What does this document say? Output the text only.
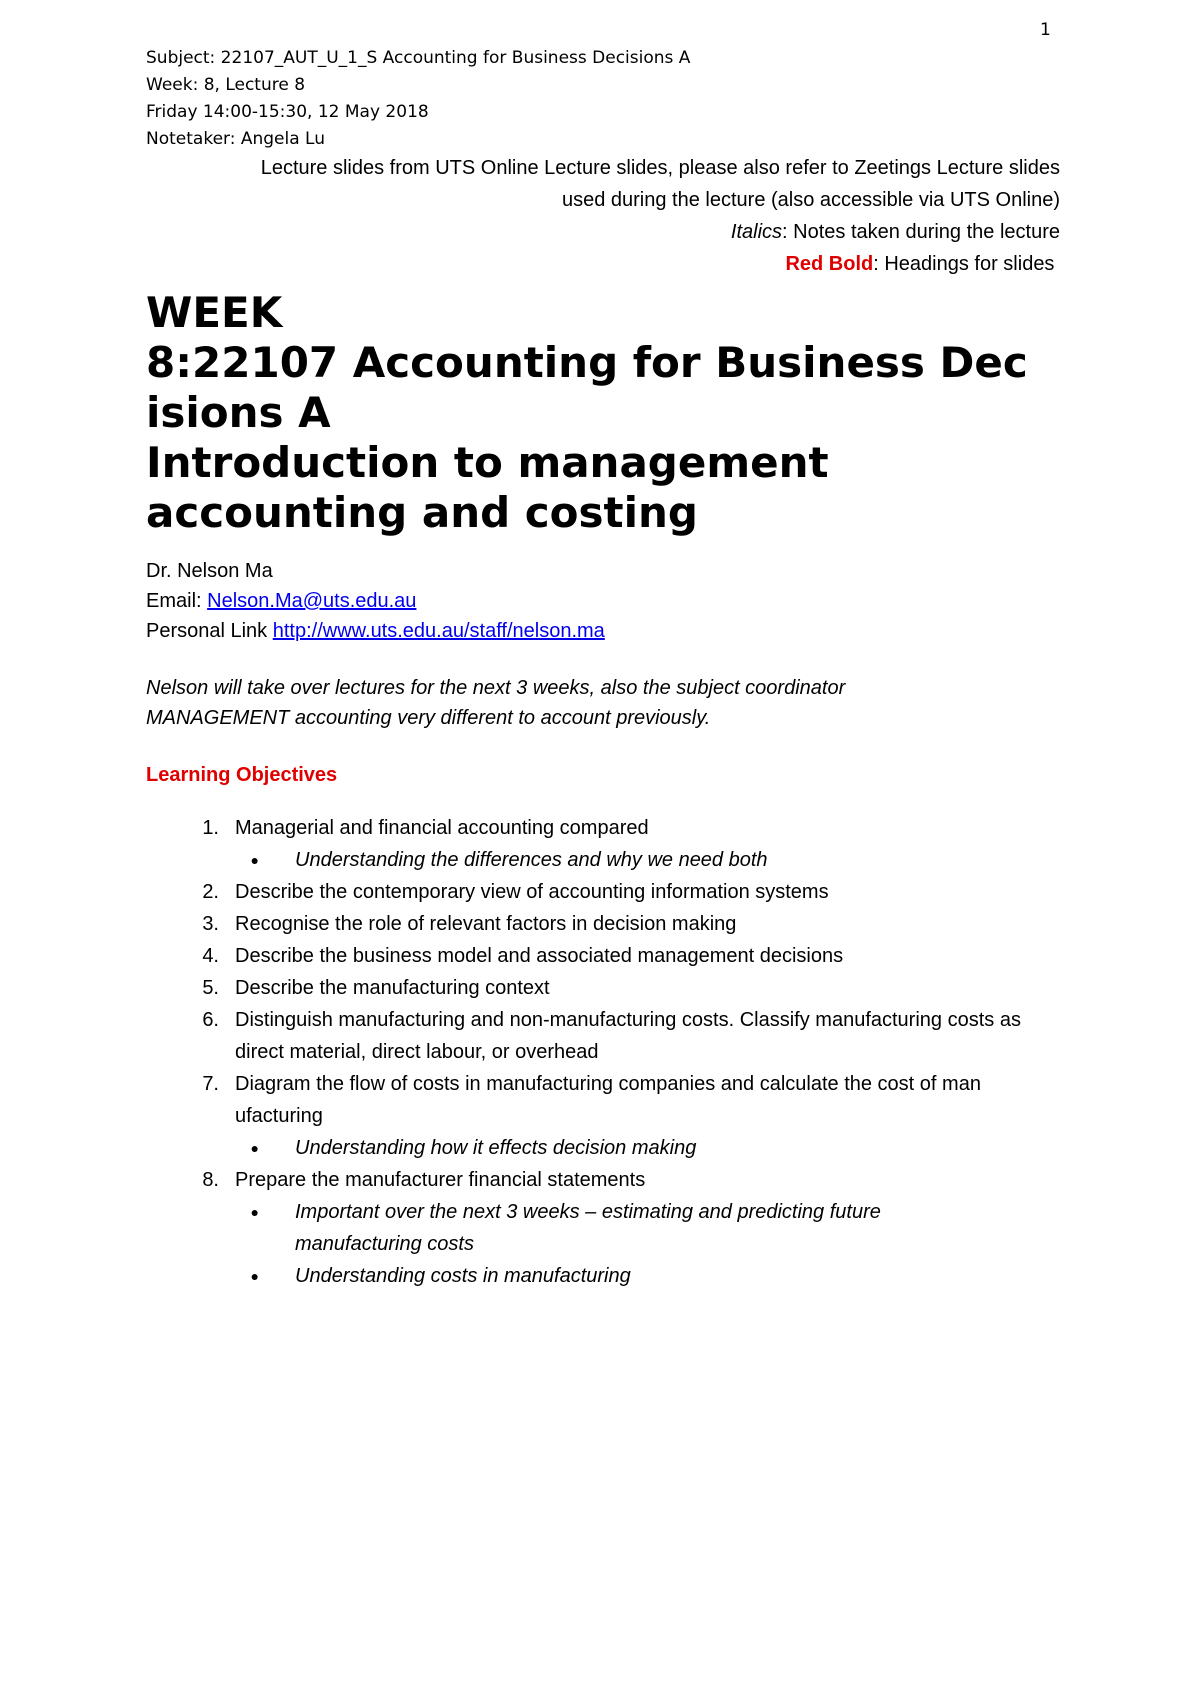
1
Subject: 22107_AUT_U_1_S Accounting for Business Decisions A
Week: 8, Lecture 8
Friday 14:00-15:30, 12 May 2018
Notetaker: Angela Lu
Lecture slides from UTS Online Lecture slides, please also refer to Zeetings Lecture slides
used during the lecture (also accessible via UTS Online)
Italics: Notes taken during the lecture
Red Bold: Headings for slides
WEEK
8:22107 Accounting for Business Dec
isions A
Introduction to management
accounting and costing
Dr. Nelson Ma
Email: Nelson.Ma@uts.edu.au
Personal Link http://www.uts.edu.au/staff/nelson.ma
Nelson will take over lectures for the next 3 weeks, also the subject coordinator
MANAGEMENT accounting very different to account previously.
Learning Objectives
1. Managerial and financial accounting compared
●	Understanding the differences and why we need both
2. Describe the contemporary view of accounting information systems
3. Recognise the role of relevant factors in decision making
4. Describe the business model and associated management decisions
5. Describe the manufacturing context
6. Distinguish manufacturing and non-manufacturing costs. Classify manufacturing costs as direct material, direct labour, or overhead
7. Diagram the flow of costs in manufacturing companies and calculate the cost of man ufacturing
●	Understanding how it effects decision making
8. Prepare the manufacturer financial statements
●	Important over the next 3 weeks – estimating and predicting future manufacturing costs
●	Understanding costs in manufacturing
